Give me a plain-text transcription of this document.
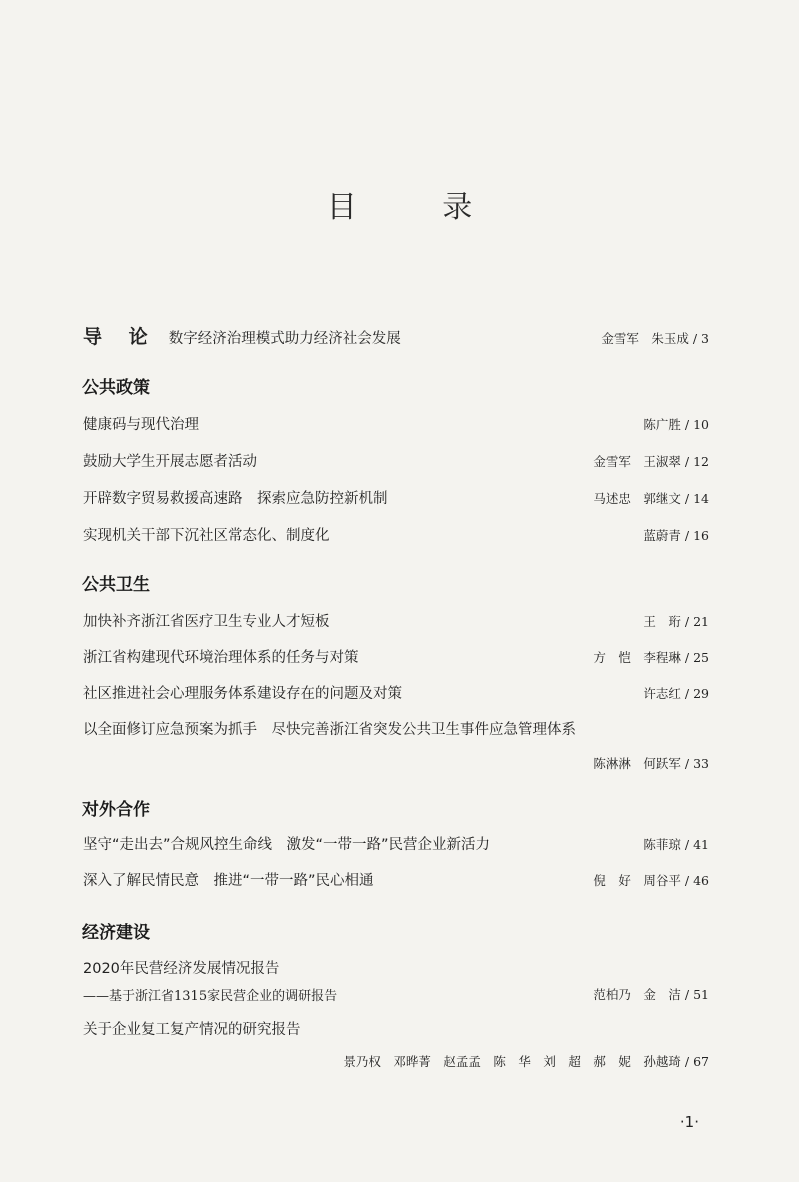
目 录
导 论 数字经济治理模式助力经济社会发展	金雪军　朱玉成 / 3
公共政策
健康码与现代治理	陈广胜 / 10
鼓励大学生开展志愿者活动	金雪军　王淑翠 / 12
开辟数字贸易救援高速路　探索应急防控新机制	马述忠　郭继文 / 14
实现机关干部下沉社区常态化、制度化	蓝蔚青 / 16
公共卫生
加快补齐浙江省医疗卫生专业人才短板	王　珩 / 21
浙江省构建现代环境治理体系的任务与对策	方　恺　李程琳 / 25
社区推进社会心理服务体系建设存在的问题及对策	许志红 / 29
以全面修订应急预案为抓手　尽快完善浙江省突发公共卫生事件应急管理体系
陈淋淋　何跃军 / 33
对外合作
坚守“走出去”合规风控生命线　激发“一带一路”民营企业新活力	陈菲琼 / 41
深入了解民情民意　推进“一带一路”民心相通	倪　好　周谷平 / 46
经济建设
2020年民营经济发展情况报告
——基于浙江省1315家民营企业的调研报告	范柏乃　金　洁 / 51
关于企业复工复产情况的研究报告
景乃权　邓晔菁　赵孟孟　陈　华　刘　超　郝　妮　孙越琦 / 67
·1·
